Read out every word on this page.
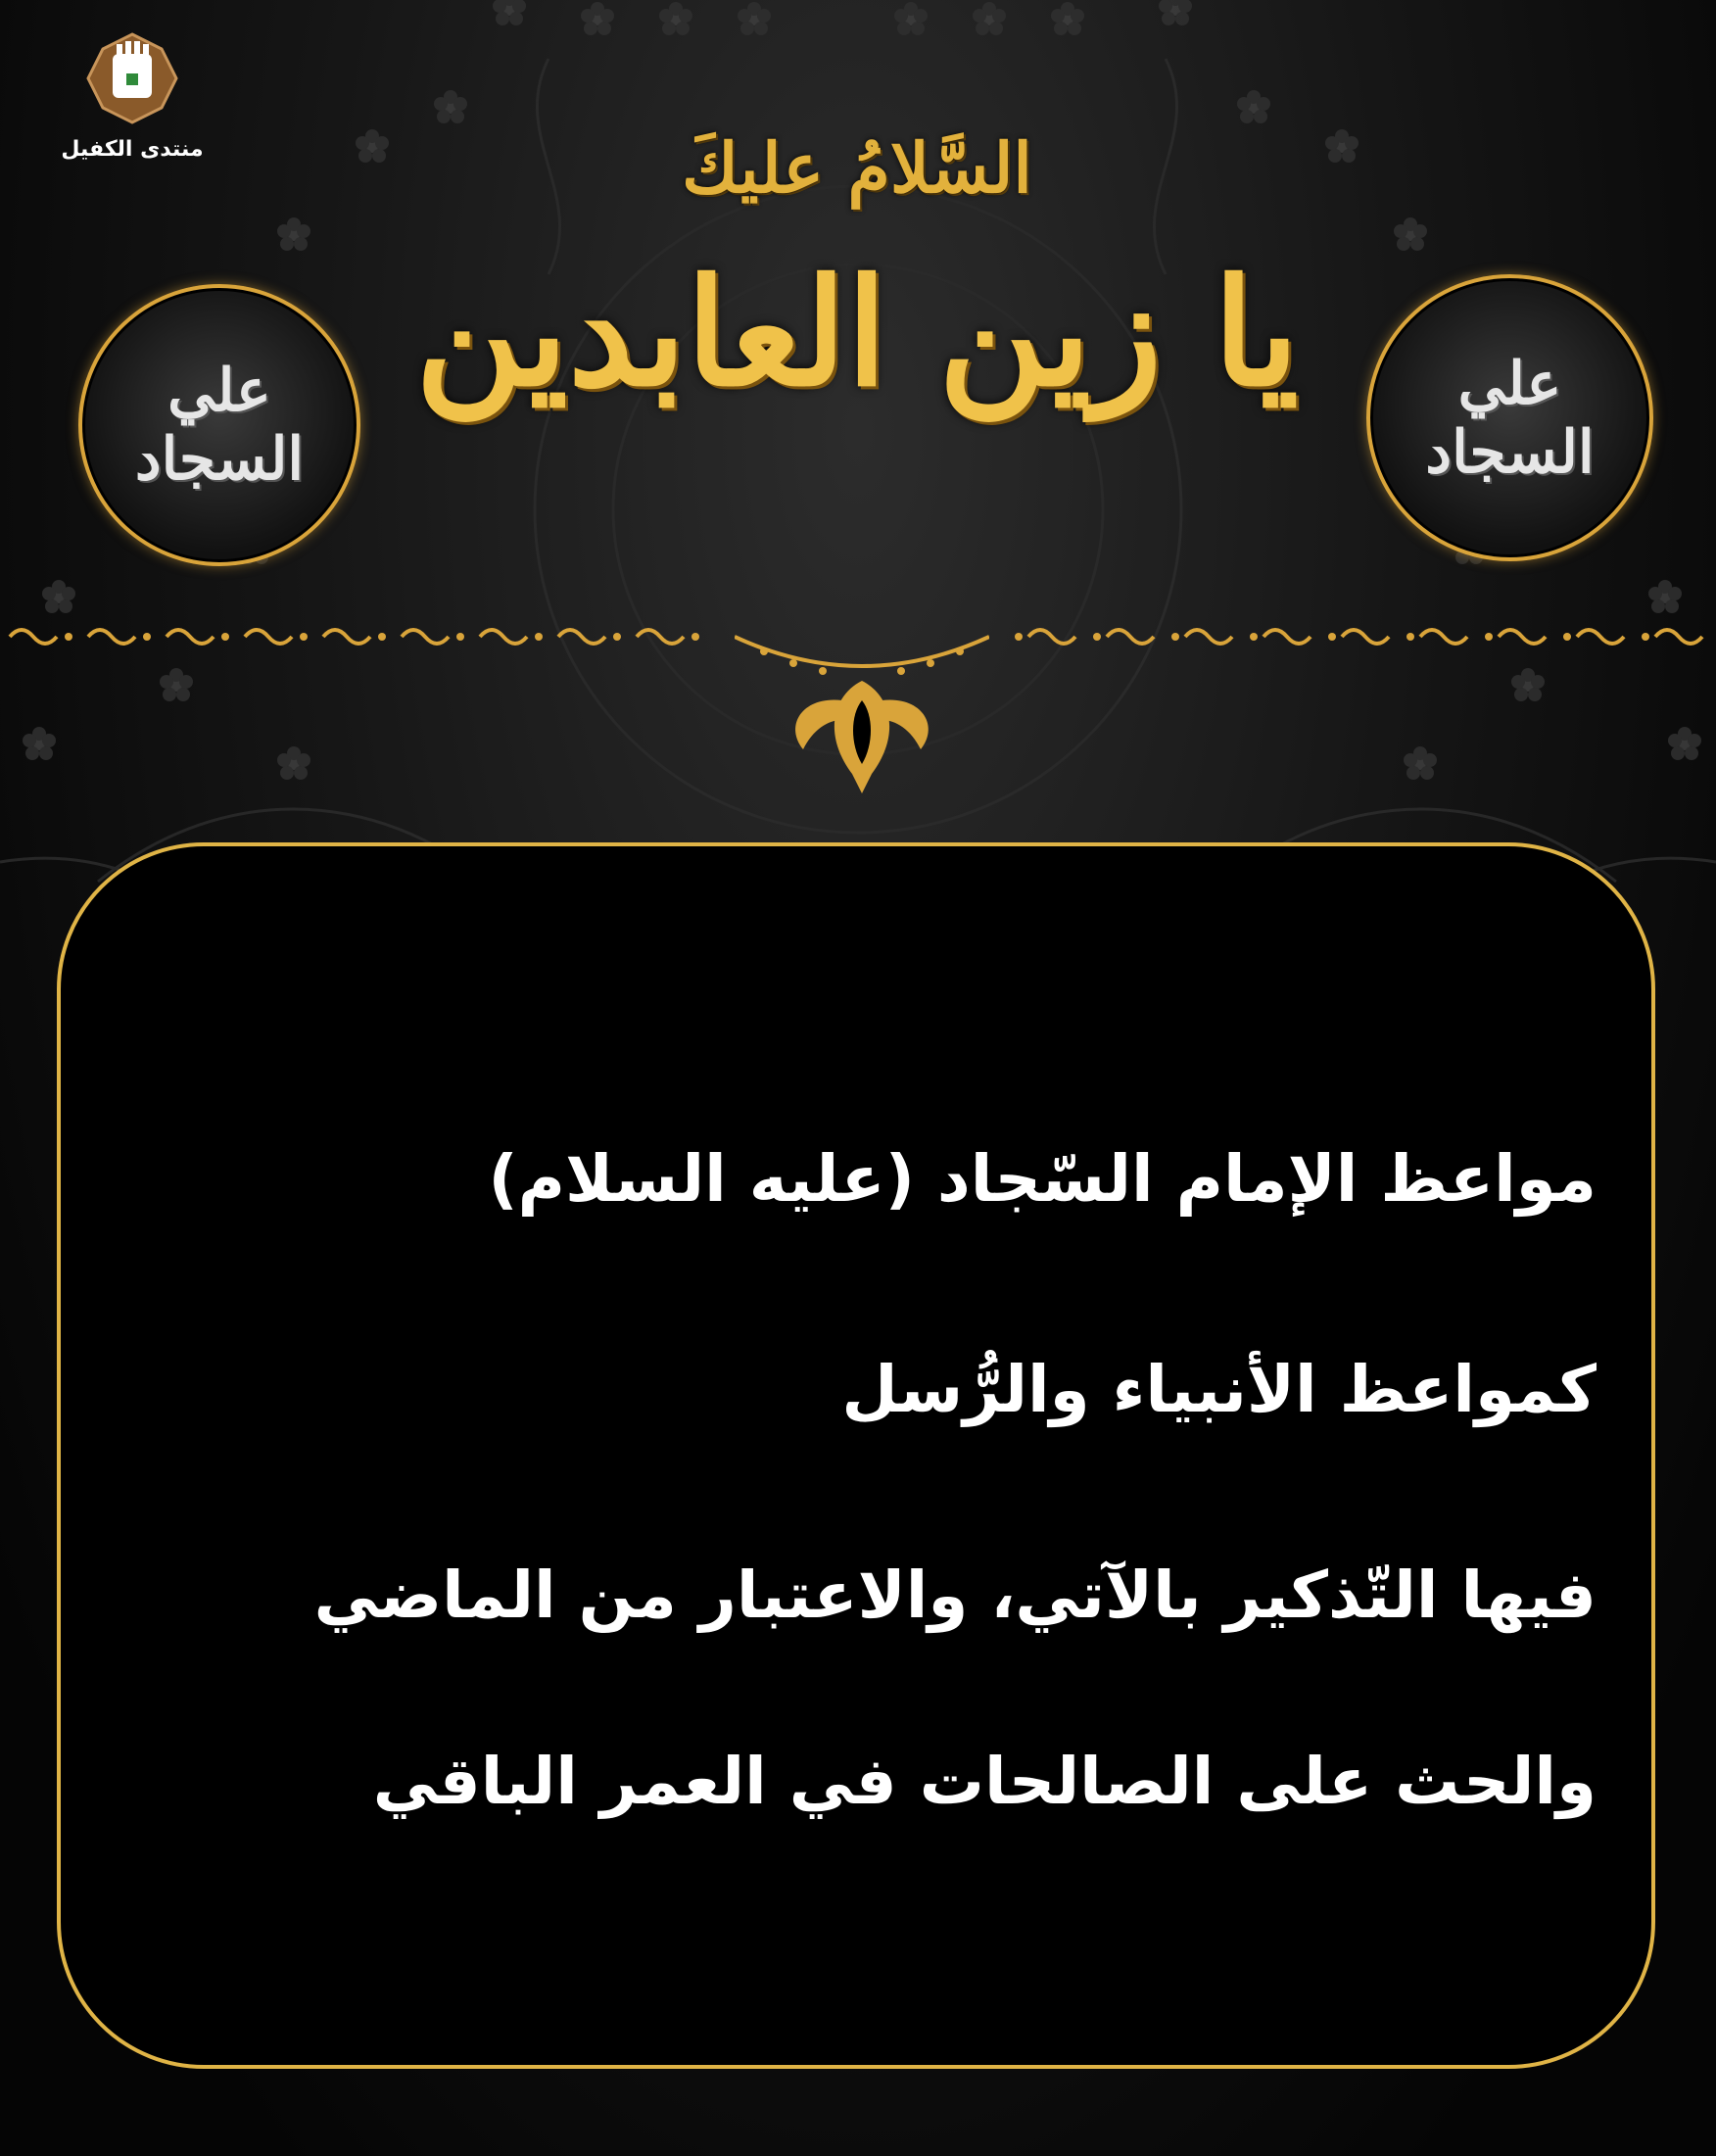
منتدى الكفيل	السَّلامُ عليكَ
يا زين العابدين
علي السجاد
علي السجاد
مواعظ الإمام السّجاد (عليه السلام)
كمواعظ الأنبياء والرُّسل
فيها التّذكير بالآتي، والاعتبار من الماضي
والحث على الصالحات في العمر الباقي
